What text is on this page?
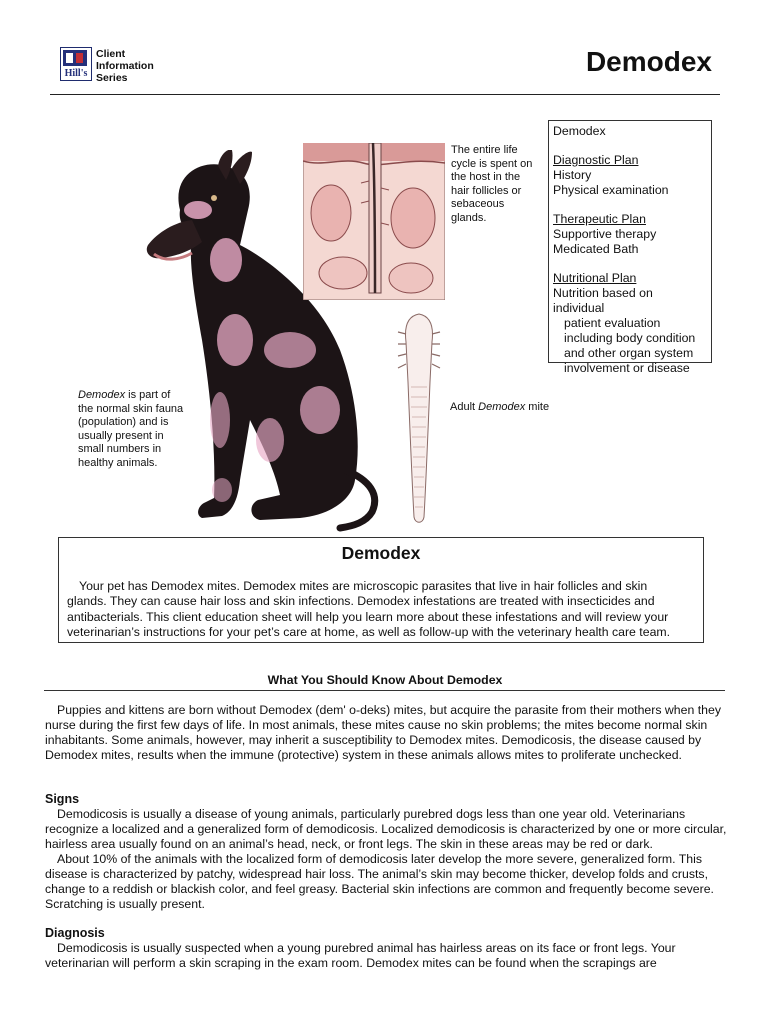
Hill's
Client
Information
Series
Demodex
Demodex
Diagnostic Plan
History
Physical examination
Therapeutic Plan
Supportive therapy
Medicated Bath
Nutritional Plan
Nutrition based on individual
patient evaluation
including body condition
and other organ system
involvement or disease
The entire life cycle is spent on the host in the hair follicles or sebaceous glands.
Demodex is part of the normal skin fauna (population) and is usually present in small numbers in healthy animals.
Adult Demodex mite
Demodex
Your pet has Demodex mites. Demodex mites are microscopic parasites that live in hair follicles and skin glands. They can cause hair loss and skin infections. Demodex infestations are treated with insecticides and antibacterials. This client education sheet will help you learn more about these infestations and will review your veterinarian’s instructions for your pet’s care at home, as well as follow-up with the veterinary health care team.
What You Should Know About Demodex
Puppies and kittens are born without Demodex (dem' o-deks) mites, but acquire the parasite from their mothers when they nurse during the first few days of life. In most animals, these mites cause no skin problems; the mites become normal skin inhabitants. Some animals, however, may inherit a susceptibility to Demodex mites. Demodicosis, the disease caused by Demodex mites, results when the immune (protective) system in these animals allows mites to proliferate unchecked.
Signs
Demodicosis is usually a disease of young animals, particularly purebred dogs less than one year old. Veterinarians recognize a localized and a generalized form of demodicosis. Localized demodicosis is characterized by one or more circular, hairless area usually found on an animal’s head, neck, or front legs. The skin in these areas may be red or dark.
About 10% of the animals with the localized form of demodicosis later develop the more severe, generalized form. This disease is characterized by patchy, widespread hair loss. The animal’s skin may become thicker, develop folds and crusts, change to a reddish or blackish color, and feel greasy. Bacterial skin infections are common and frequently become severe. Scratching is usually present.
Diagnosis
Demodicosis is usually suspected when a young purebred animal has hairless areas on its face or front legs. Your veterinarian will perform a skin scraping in the exam room. Demodex mites can be found when the scrapings are
